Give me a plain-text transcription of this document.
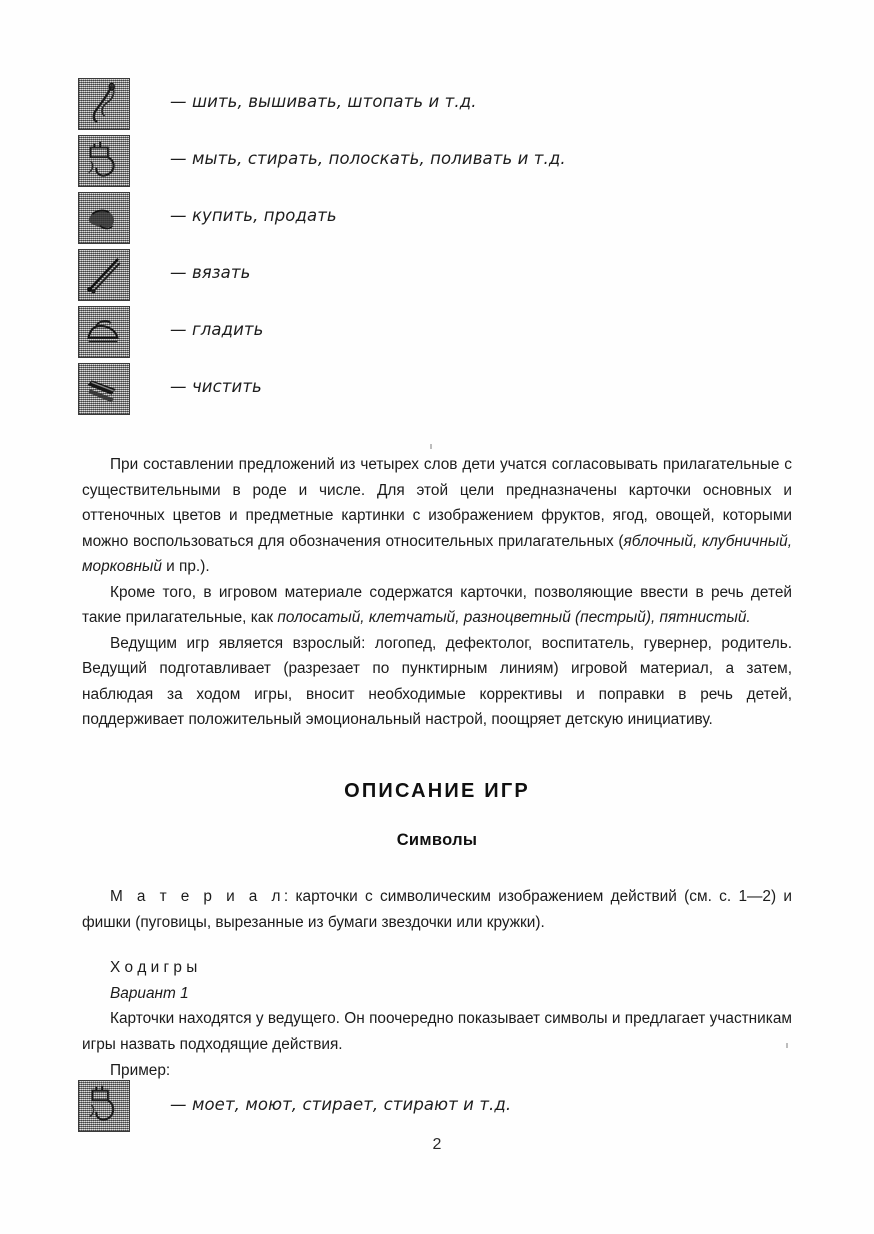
— шить, вышивать, штопать и т.д.
— мыть, стирать, полоскать, поливать и т.д.
— купить, продать
— вязать
— гладить
— чистить

При составлении предложений из четырех слов дети учатся согласовывать прилагательные с существительными в роде и числе. Для этой цели предназначены карточки основных и оттеночных цветов и предметные картинки с изображением фруктов, ягод, овощей, которыми можно воспользоваться для обозначения относительных прилагательных (яблочный, клубничный, морковный и пр.).

Кроме того, в игровом материале содержатся карточки, позволяющие ввести в речь детей такие прилагательные, как полосатый, клетчатый, разноцветный (пестрый), пятнистый.

Ведущим игр является взрослый: логопед, дефектолог, воспитатель, гувернер, родитель. Ведущий подготавливает (разрезает по пунктирным линиям) игровой материал, а затем, наблюдая за ходом игры, вносит необходимые коррективы и поправки в речь детей, поддерживает положительный эмоциональный настрой, поощряет детскую инициативу.

ОПИСАНИЕ ИГР
Символы

М а т е р и а л: карточки с символическим изображением действий (см. с. 1—2) и фишки (пуговицы, вырезанные из бумаги звездочки или кружки).

Х о д и г р ы

Вариант 1

Карточки находятся у ведущего. Он поочередно показывает символы и предлагает участникам игры назвать подходящие действия.

Пример:

— моет, моют, стирает, стирают и т.д.
2
